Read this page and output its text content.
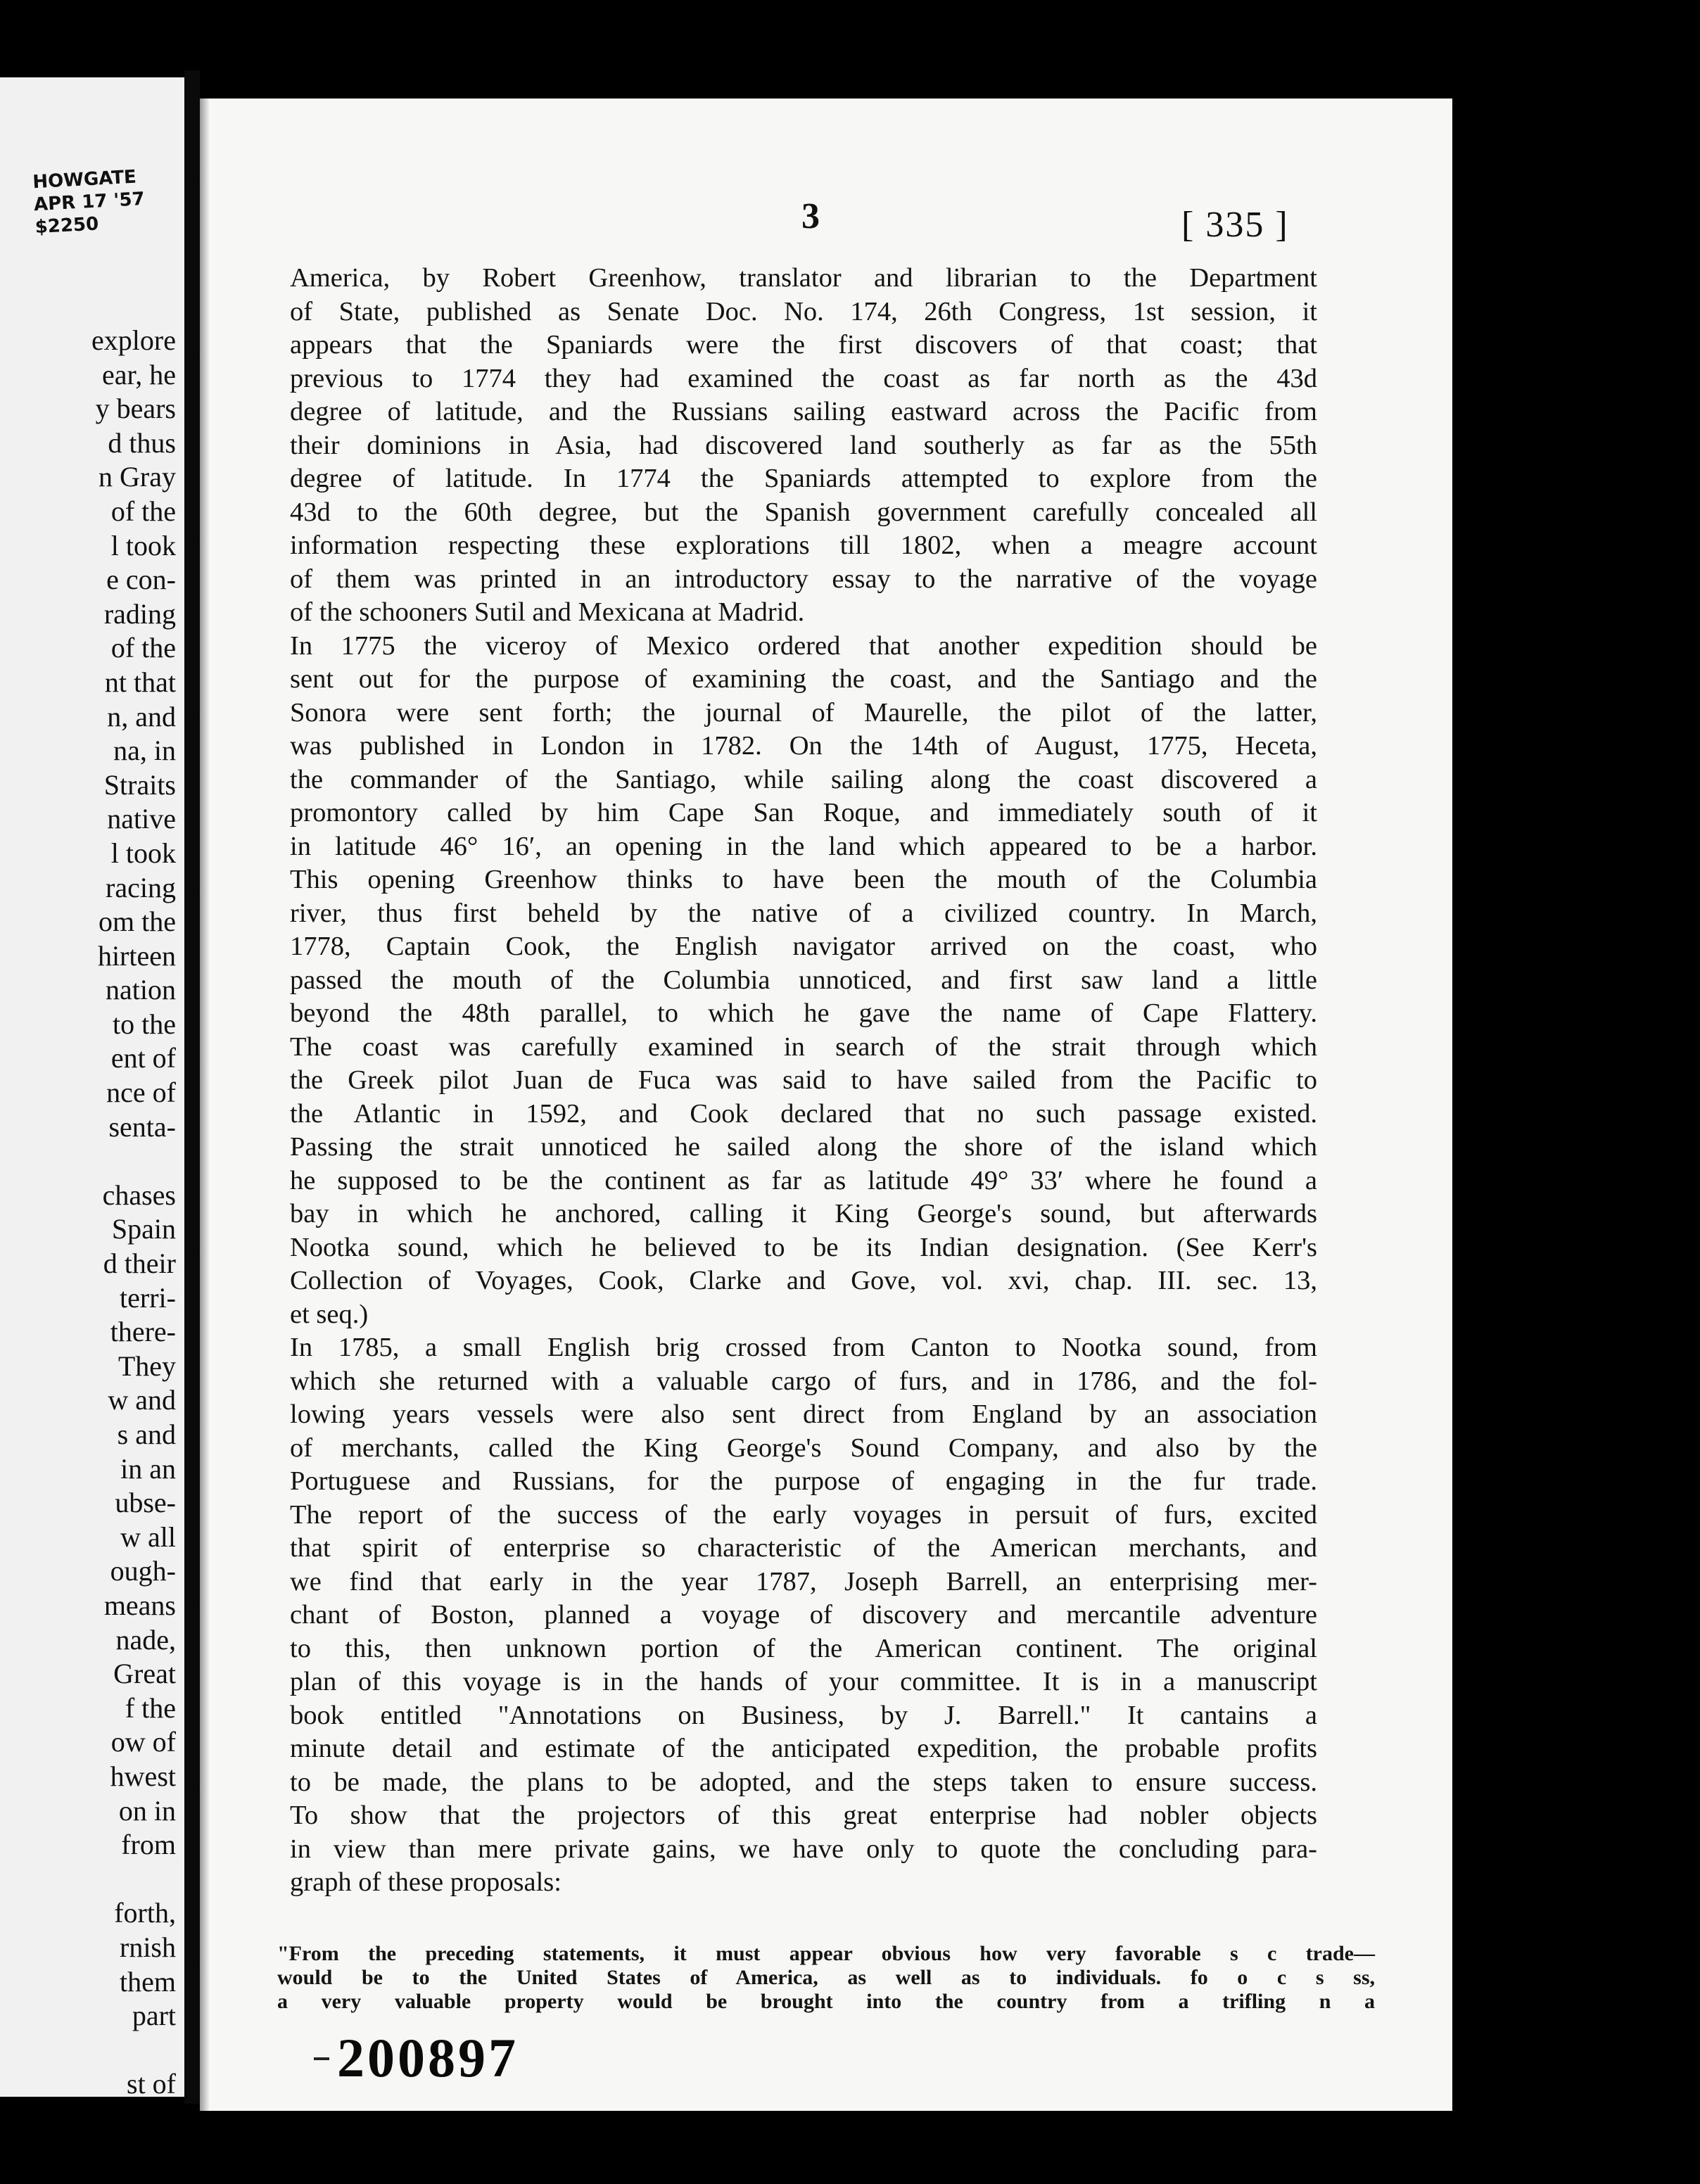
HOWGATE
APR 17 '57
$2250
explore
ear, he
y bears
d thus
n Gray
of the
l took
e con-
rading
of the
nt that
n, and
na, in
Straits
native
l took
racing
om the
hirteen
nation
to the
ent of
nce of
senta-
chases
Spain
d their
terri-
there-
They
w and
s and
in an
ubse-
w all
ough-
means
nade,
Great
f the
ow of
hwest
on in
from
forth,
rnish
them
part
st of
3	[ 335 ]
America, by Robert Greenhow, translator and librarian to the Department
of State, published as Senate Doc. No. 174, 26th Congress, 1st session, it
appears that the Spaniards were the first discovers of that coast; that
previous to 1774 they had examined the coast as far north as the 43d
degree of latitude, and the Russians sailing eastward across the Pacific from
their dominions in Asia, had discovered land southerly as far as the 55th
degree of latitude. In 1774 the Spaniards attempted to explore from the
43d to the 60th degree, but the Spanish government carefully concealed all
information respecting these explorations till 1802, when a meagre account
of them was printed in an introductory essay to the narrative of the voyage
of the schooners Sutil and Mexicana at Madrid.
In 1775 the viceroy of Mexico ordered that another expedition should be
sent out for the purpose of examining the coast, and the Santiago and the
Sonora were sent forth; the journal of Maurelle, the pilot of the latter,
was published in London in 1782. On the 14th of August, 1775, Heceta,
the commander of the Santiago, while sailing along the coast discovered a
promontory called by him Cape San Roque, and immediately south of it
in latitude 46° 16′, an opening in the land which appeared to be a harbor.
This opening Greenhow thinks to have been the mouth of the Columbia
river, thus first beheld by the native of a civilized country. In March,
1778, Captain Cook, the English navigator arrived on the coast, who
passed the mouth of the Columbia unnoticed, and first saw land a little
beyond the 48th parallel, to which he gave the name of Cape Flattery.
The coast was carefully examined in search of the strait through which
the Greek pilot Juan de Fuca was said to have sailed from the Pacific to
the Atlantic in 1592, and Cook declared that no such passage existed.
Passing the strait unnoticed he sailed along the shore of the island which
he supposed to be the continent as far as latitude 49° 33′ where he found a
bay in which he anchored, calling it King George's sound, but afterwards
Nootka sound, which he believed to be its Indian designation. (See Kerr's
Collection of Voyages, Cook, Clarke and Gove, vol. xvi, chap. III. sec. 13,
et seq.)
In 1785, a small English brig crossed from Canton to Nootka sound, from
which she returned with a valuable cargo of furs, and in 1786, and the fol-
lowing years vessels were also sent direct from England by an association
of merchants, called the King George's Sound Company, and also by the
Portuguese and Russians, for the purpose of engaging in the fur trade.
The report of the success of the early voyages in persuit of furs, excited
that spirit of enterprise so characteristic of the American merchants, and
we find that early in the year 1787, Joseph Barrell, an enterprising mer-
chant of Boston, planned a voyage of discovery and mercantile adventure
to this, then unknown portion of the American continent. The original
plan of this voyage is in the hands of your committee. It is in a manuscript
book entitled "Annotations on Business, by J. Barrell." It cantains a
minute detail and estimate of the anticipated expedition, the probable profits
to be made, the plans to be adopted, and the steps taken to ensure success.
To show that the projectors of this great enterprise had nobler objects
in view than mere private gains, we have only to quote the concluding para-
graph of these proposals:
"From the preceding statements, it must appear obvious how very favorable s c trade—
would be to the United States of America, as well as to individuals. fo o c s ss,
a very valuable property would be brought into the country from a trifling n a
200897
